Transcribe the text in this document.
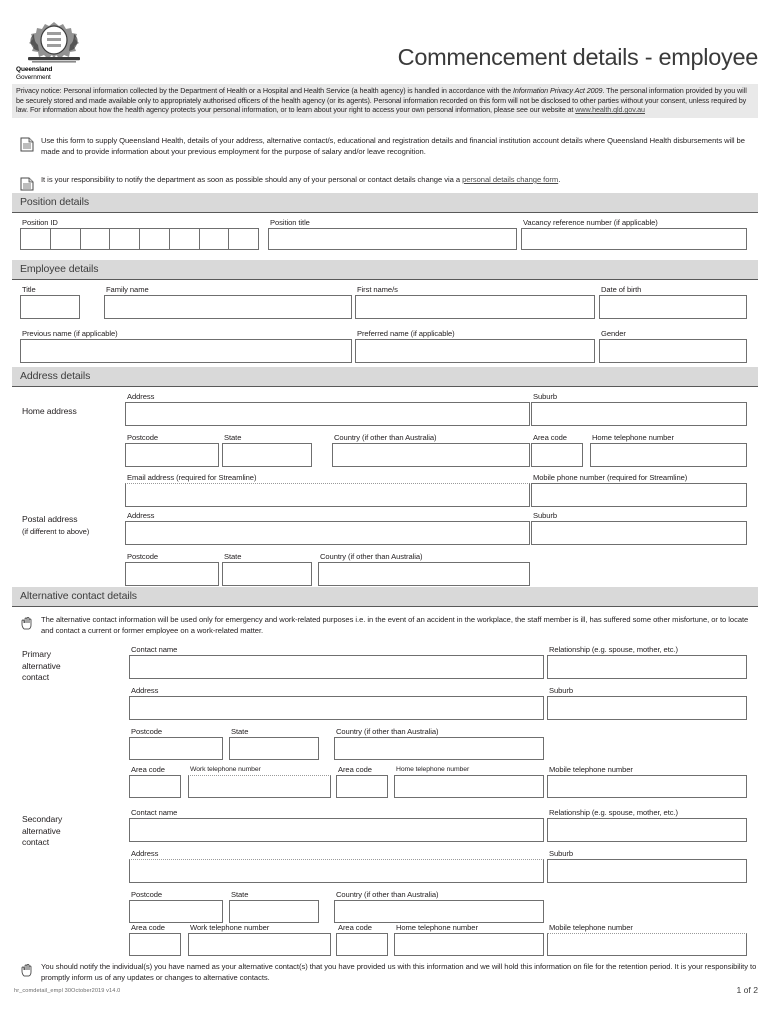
Queensland
Government
Commencement details - employee
Privacy notice: Personal information collected by the Department of Health or a Hospital and Health Service (a health agency) is handled in accordance with the Information Privacy Act 2009. The personal information provided by you will be securely stored and made available only to appropriately authorised officers of the health agency (or its agents). Personal information recorded on this form will not be disclosed to other parties without your consent, unless required by law. For information about how the health agency protects your personal information, or to learn about your right to access your own personal information, please see our website at www.health.qld.gov.au
Use this form to supply Queensland Health, details of your address, alternative contact/s, educational and registration details and financial institution account details where Queensland Health disbursements will be made and to provide information about your previous employment for the purpose of salary and/or leave recognition.
It is your responsibility to notify the department as soon as possible should any of your personal or contact details change via a personal details change form.
Position details
Position ID	Position title	Vacancy reference number (if applicable)
Employee details
Title	Family name	First name/s	Date of birth
Previous name (if applicable)	Preferred name (if applicable)	Gender
Address details
Home address
Address	Suburb
Postcode	State	Country (if other than Australia)	Area code	Home telephone number
Email address (required for Streamline)	Mobile phone number (required for Streamline)
Postal address
(if different to above)
Address	Suburb
Postcode	State	Country (if other than Australia)
Alternative contact details
The alternative contact information will be used only for emergency and work-related purposes i.e. in the event of an accident in the workplace, the staff member is ill, has suffered some other misfortune, or to locate and contact a current or former employee on a work-related matter.
Primary
alternative
contact
Contact name	Relationship (e.g. spouse, mother, etc.)
Address	Suburb
Postcode	State	Country (if other than Australia)
Area code	Work telephone number	Area code	Home telephone number	Mobile telephone number
Secondary
alternative
contact
Contact name	Relationship (e.g. spouse, mother, etc.)
Address	Suburb
Postcode	State	Country (if other than Australia)
Area code	Work telephone number	Area code	Home telephone number	Mobile telephone number
You should notify the individual(s) you have named as your alternative contact(s) that you have provided us with this information and we will hold this information on file for the retention period. It is your responsibility to promptly inform us of any updates or changes to alternative contacts.
hr_comdetail_empl 30October2019 v14.0	1 of 2
